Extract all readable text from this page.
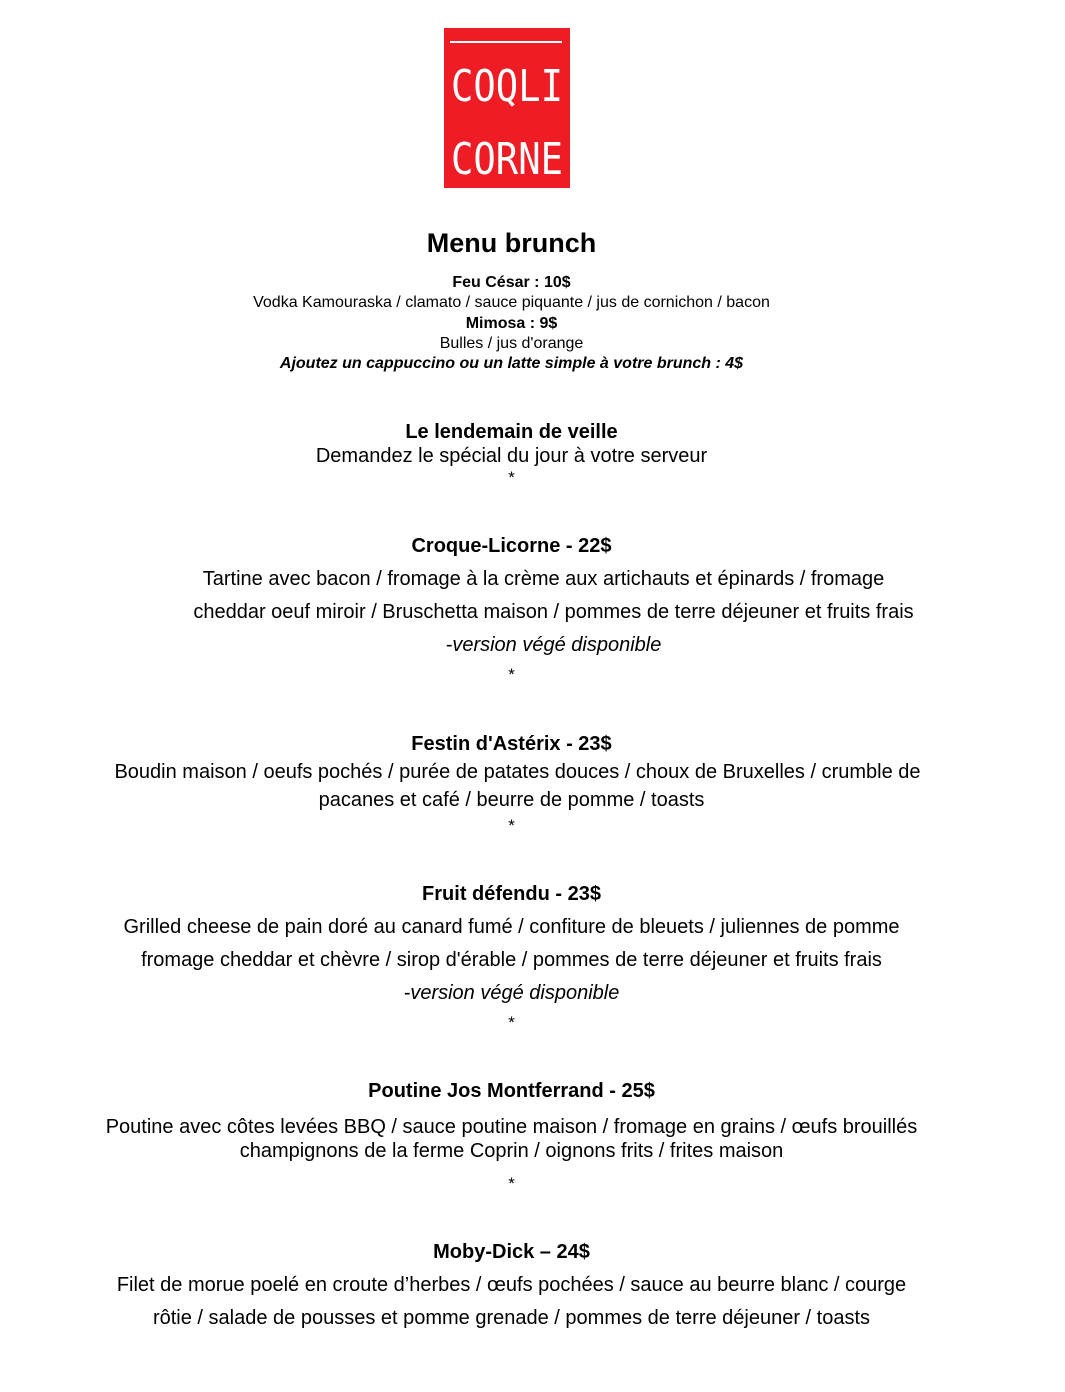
COQLI
CORNE
Menu brunch
Feu César : 10$
Vodka Kamouraska / clamato / sauce piquante / jus de cornichon / bacon
Mimosa : 9$
Bulles / jus d'orange
Ajoutez un cappuccino ou un latte simple à votre brunch : 4$
Le lendemain de veille
Demandez le spécial du jour à votre serveur
*
Croque-Licorne - 22$
Tartine avec bacon / fromage à la crème aux artichauts et épinards / fromage
cheddar oeuf miroir / Bruschetta maison / pommes de terre déjeuner et fruits frais
-version végé disponible
*
Festin d'Astérix - 23$
Boudin maison / oeufs pochés / purée de patates douces / choux de Bruxelles / crumble de
pacanes et café / beurre de pomme / toasts
*
Fruit défendu - 23$
Grilled cheese de pain doré au canard fumé / confiture de bleuets / juliennes de pomme
fromage cheddar et chèvre / sirop d'érable / pommes de terre déjeuner et fruits frais
-version végé disponible
*
Poutine Jos Montferrand - 25$
Poutine avec côtes levées BBQ / sauce poutine maison / fromage en grains / œufs brouillés
champignons de la ferme Coprin / oignons frits / frites maison
*
Moby-Dick – 24$
Filet de morue poelé en croute d’herbes / œufs pochées / sauce au beurre blanc / courge
rôtie / salade de pousses et pomme grenade / pommes de terre déjeuner / toasts
